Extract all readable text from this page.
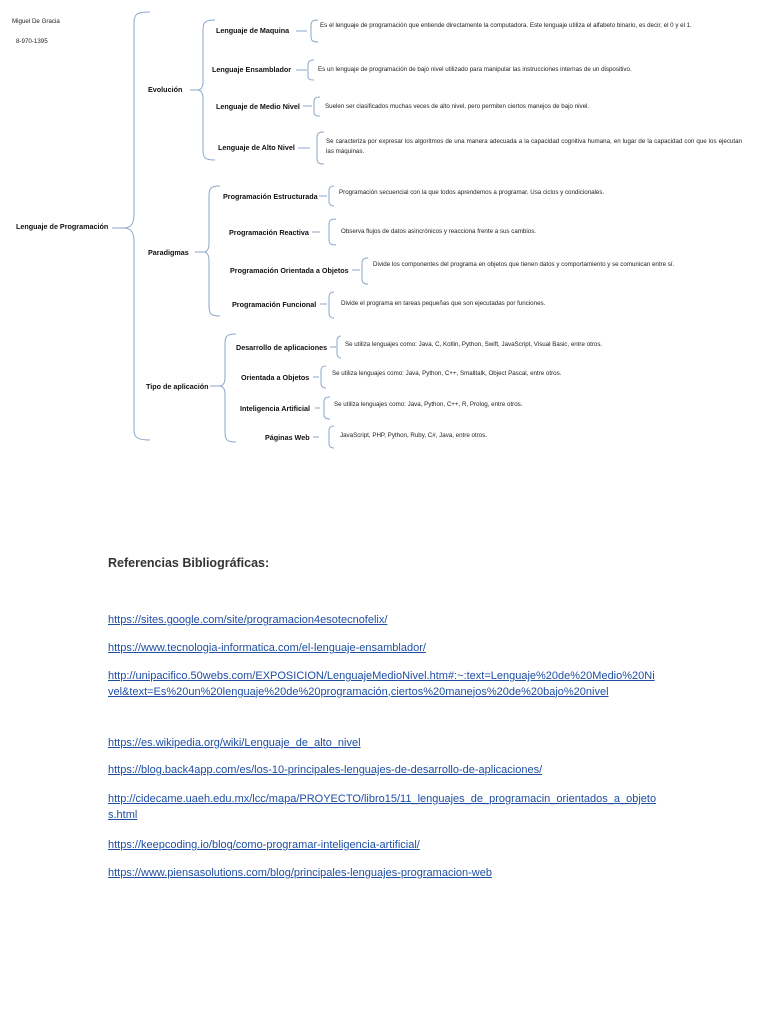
Miguel De Gracia
8-970-1395
Lenguaje de Programación
Evolución
Paradigmas
Tipo de aplicación
Lenguaje de Maquina
Es el lenguaje de programación que entiende directamente la computadora. Este lenguaje utiliza el alfabeto binario, es decir, el 0 y el 1.
Lenguaje Ensamblador	Es un lenguaje de programación de bajo nivel utilizado para manipular las instrucciones internas de un dispositivo.
Lenguaje de Medio Nivel	Suelen ser clasificados muchas veces de alto nivel, pero permiten ciertos manejos de bajo nivel.
Lenguaje de Alto Nivel
Se caracteriza por expresar los algoritmos de una manera adecuada a la capacidad cognitiva humana, en lugar de la capacidad con que los ejecutan las máquinas.
Programación Estructurada	Programación secuencial con la que todos aprendemos a programar. Usa ciclos y condicionales.
Programación Reactiva	Observa flujos de datos asincrónicos y reacciona frente a sus cambios.
Programación Orientada a Objetos
Divide los componentes del programa en objetos que tienen datos y comportamiento y se comunican entre sí.
Programación Funcional	Divide el programa en tareas pequeñas que son ejecutadas por funciones.
Desarrollo de aplicaciones	Se utiliza lenguajes como: Java, C, Kotlin, Python, Swift, JavaScript, Visual Basic, entre otros.
Orientada a Objetos	Se utiliza lenguajes como: Java, Python, C++, Smalltalk, Object Pascal, entre otros.
Inteligencia Artificial	Se utiliza lenguajes como: Java, Python, C++, R, Prolog, entre otros.
Páginas Web	JavaScript, PHP, Python, Ruby, C#, Java, entre otros.
Referencias Bibliográficas:
https://sites.google.com/site/programacion4esotecnofelix/
https://www.tecnologia-informatica.com/el-lenguaje-ensamblador/
http://unipacifico.50webs.com/EXPOSICION/LenguajeMedioNivel.htm#:~:text=Lenguaje%20de%20Medio%20Nivel&text=Es%20un%20lenguaje%20de%20programación,ciertos%20manejos%20de%20bajo%20nivel
https://es.wikipedia.org/wiki/Lenguaje_de_alto_nivel
https://blog.back4app.com/es/los-10-principales-lenguajes-de-desarrollo-de-aplicaciones/
http://cidecame.uaeh.edu.mx/lcc/mapa/PROYECTO/libro15/11_lenguajes_de_programacin_orientados_a_objetos.html
https://keepcoding.io/blog/como-programar-inteligencia-artificial/
https://www.piensasolutions.com/blog/principales-lenguajes-programacion-web
